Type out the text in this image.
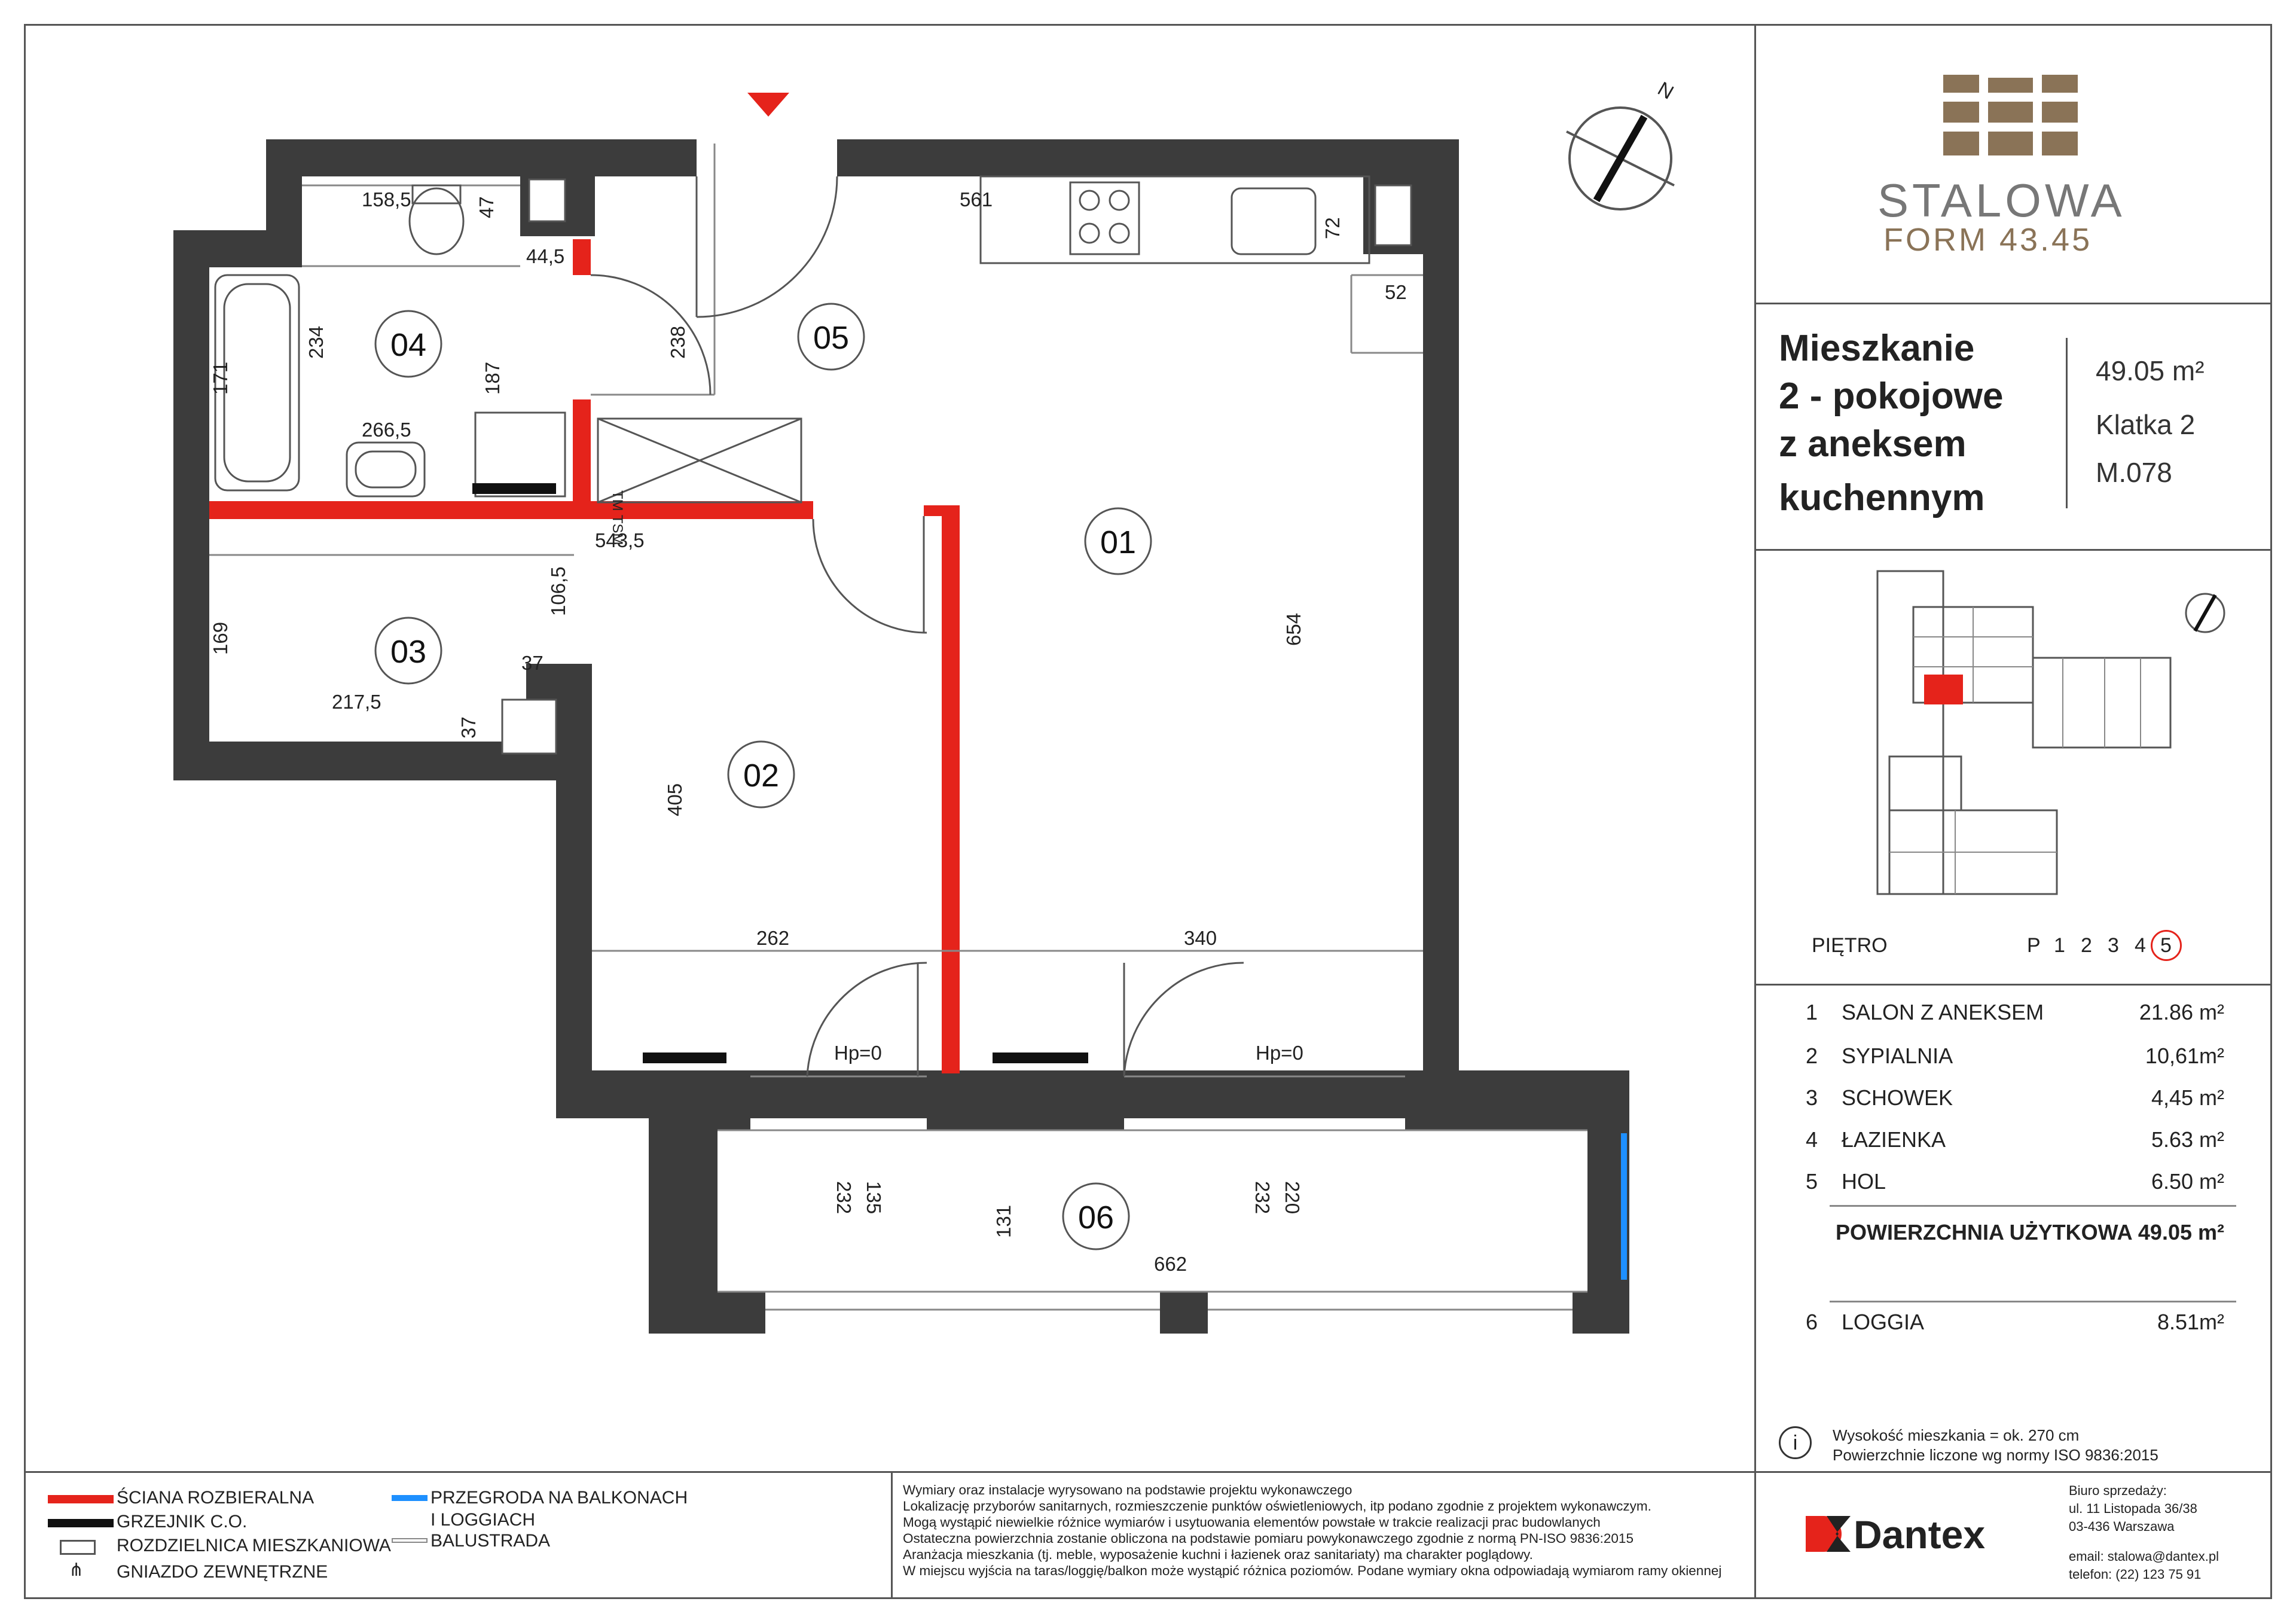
N
01
02
03
04	05
06
158,5	47
44,5
561
72
52
234
171	187
266,5
238
543,5
106,5
169
37
217,5
37
654
405
262	340
Hp=0	Hp=0
135
232	220
232
131
662
TM TSM
STALOWA
FORM 43.45
Mieszkanie
2 - pokojowe
z aneksem
kuchennym
49.05 m²
Klatka 2
M.078
PIĘTRO	P 1 2 3 4 5
1 SALON Z ANEKSEM	21.86 m²
2 SYPIALNIA	10,61m²
3 SCHOWEK	4,45 m²
4 ŁAZIENKA	5.63 m²
5 HOL	6.50 m²
POWIERZCHNIA UŻYTKOWA 49.05 m²
6 LOGGIA	8.51m²
i	Wysokość mieszkania = ok. 270 cm
Powierzchnie liczone wg normy ISO 9836:2015
ŚCIANA ROZBIERALNA
GRZEJNIK C.O.
ROZDZIELNICA MIESZKANIOWA
⋔ GNIAZDO ZEWNĘTRZNE
PRZEGRODA NA BALKONACH
I LOGGIACH
BALUSTRADA
Wymiary oraz instalacje wyrysowano na podstawie projektu wykonawczego
Lokalizację przyborów sanitarnych, rozmieszczenie punktów oświetleniowych, itp podano zgodnie z projektem wykonawczym.
Mogą wystąpić niewielkie różnice wymiarów i usytuowania elementów powstałe w trakcie realizacji prac budowlanych
Ostateczna powierzchnia zostanie obliczona na podstawie pomiaru powykonawczego zgodnie z normą PN-ISO 9836:2015
Aranżacja mieszkania (tj. meble, wyposażenie kuchni i łazienek oraz sanitariaty) ma charakter poglądowy.
W miejscu wyjścia na taras/loggię/balkon może wystąpić różnica poziomów. Podane wymiary okna odpowiadają wymiarom ramy okiennej
Dantex
Biuro sprzedaży:
ul. 11 Listopada 36/38
03-436 Warszawa
email: stalowa@dantex.pl
telefon: (22) 123 75 91
